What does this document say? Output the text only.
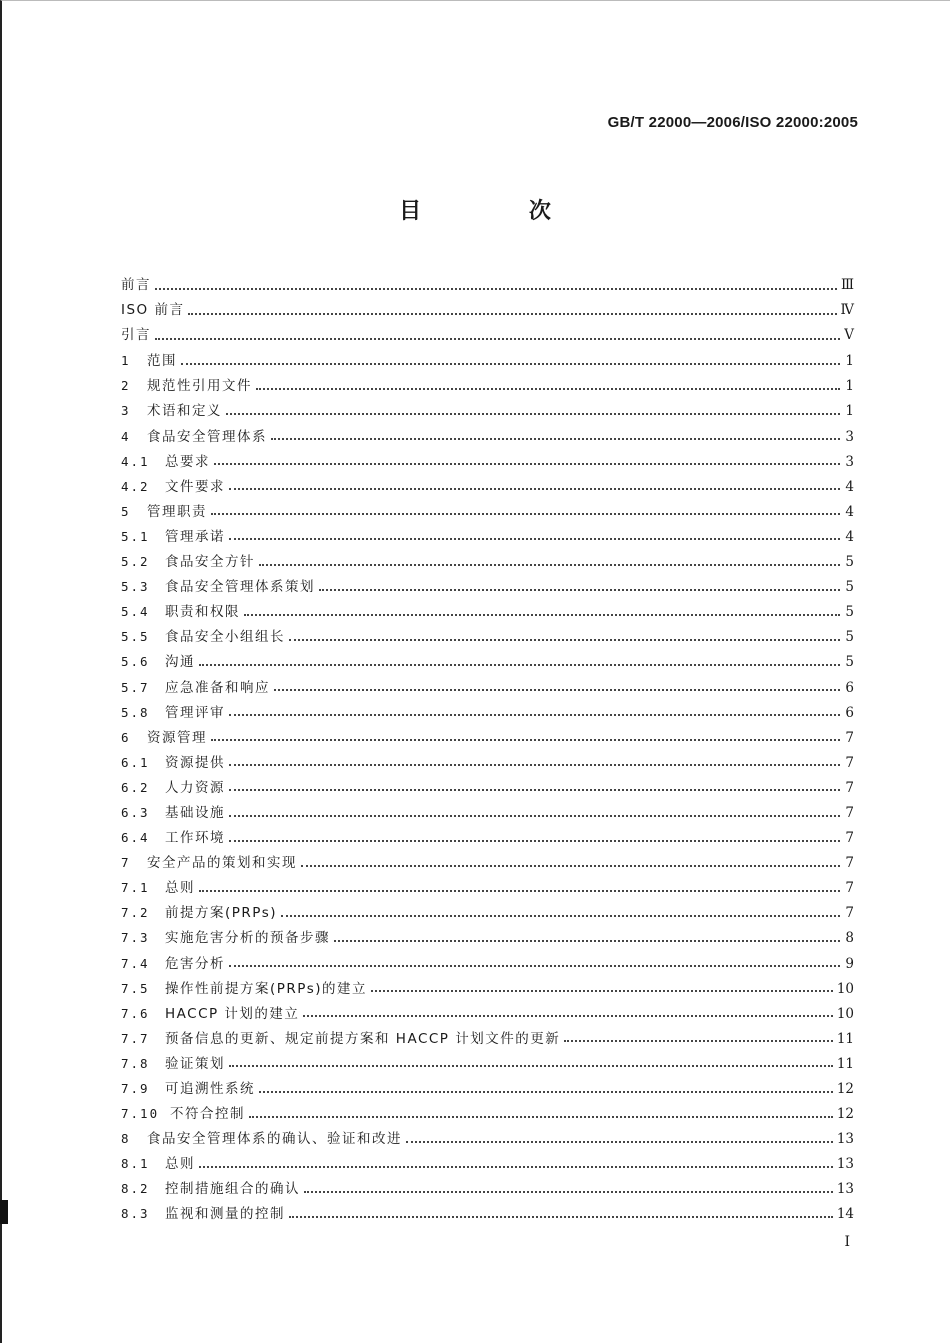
GB/T 22000—2006/ISO 22000:2005
目 次
前言	Ⅲ
ISO 前言	Ⅳ
引言	Ⅴ
1	范围	1
2	规范性引用文件	1
3	术语和定义	1
4	食品安全管理体系	3
4.1	总要求	3
4.2	文件要求	4
5	管理职责	4
5.1	管理承诺	4
5.2	食品安全方针	5
5.3	食品安全管理体系策划	5
5.4	职责和权限	5
5.5	食品安全小组组长	5
5.6	沟通	5
5.7	应急准备和响应	6
5.8	管理评审	6
6	资源管理	7
6.1	资源提供	7
6.2	人力资源	7
6.3	基础设施	7
6.4	工作环境	7
7	安全产品的策划和实现	7
7.1	总则	7
7.2	前提方案(PRPs)	7
7.3	实施危害分析的预备步骤	8
7.4	危害分析	9
7.5	操作性前提方案(PRPs)的建立	10
7.6	HACCP 计划的建立	10
7.7	预备信息的更新、规定前提方案和 HACCP 计划文件的更新	11
7.8	验证策划	11
7.9	可追溯性系统	12
7.10 不符合控制	12
8	食品安全管理体系的确认、验证和改进	13
8.1	总则	13
8.2	控制措施组合的确认	13
8.3	监视和测量的控制	14
I
